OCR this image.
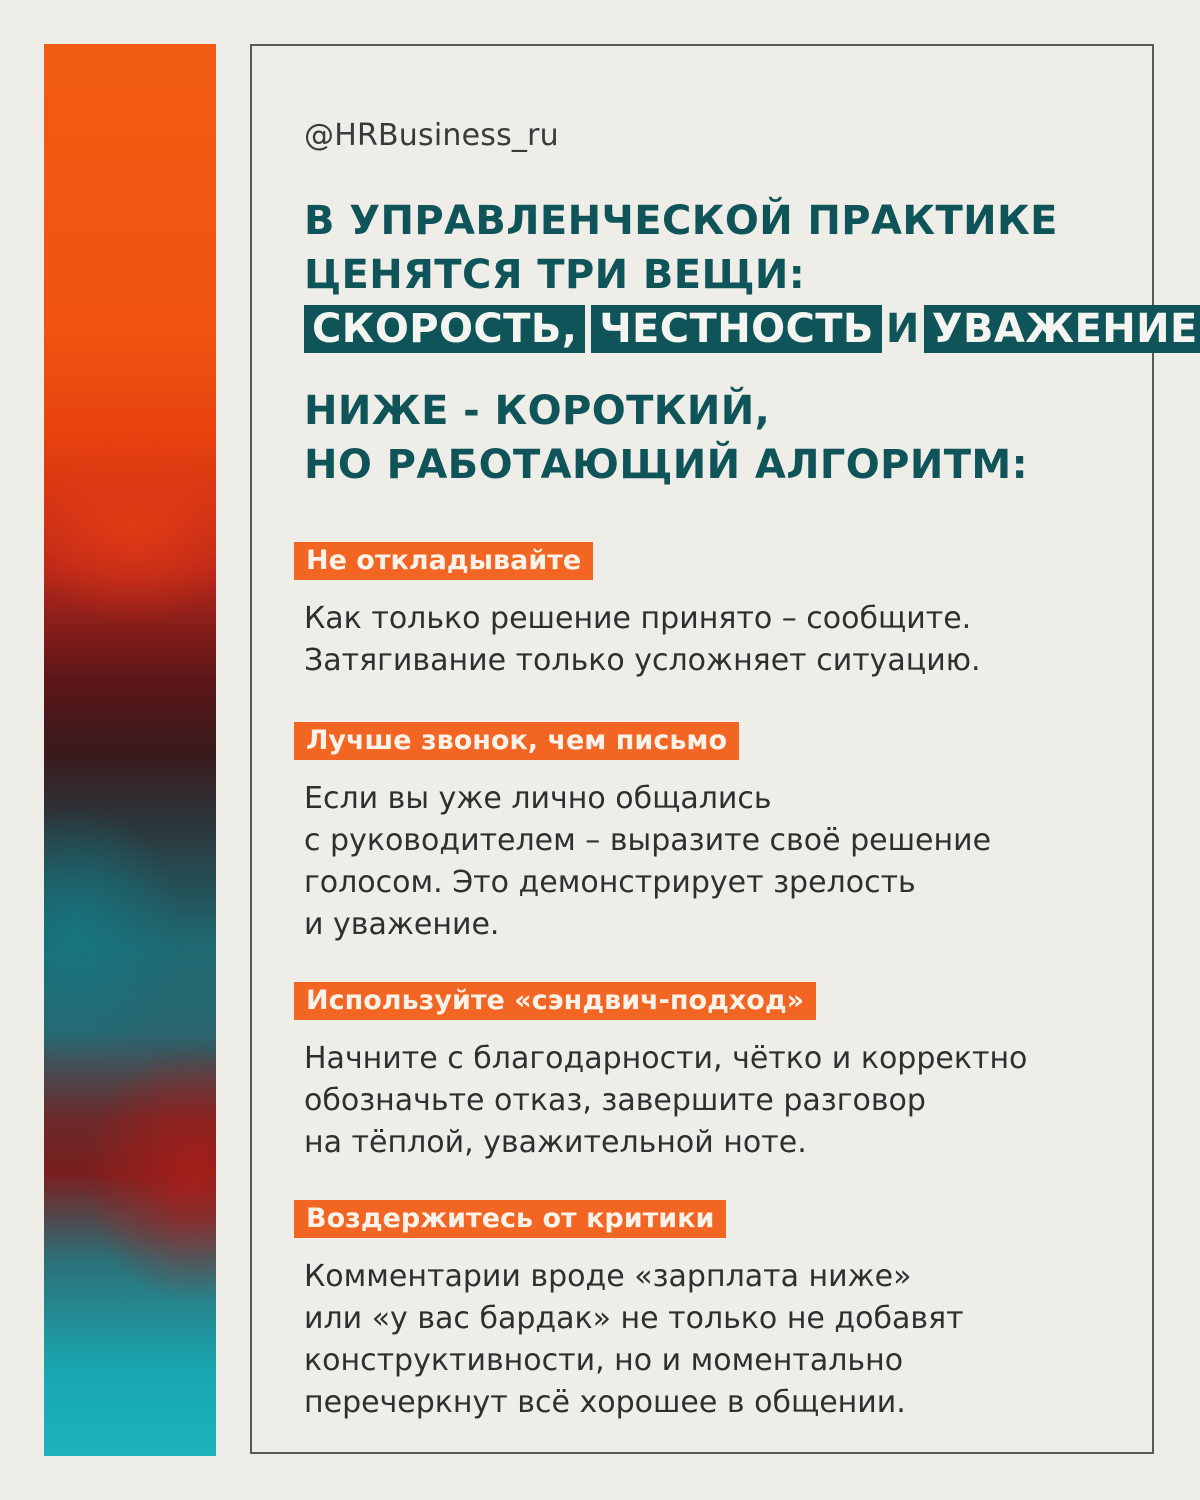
@HRBusiness_ru
В УПРАВЛЕНЧЕСКОЙ ПРАКТИКЕ
ЦЕНЯТСЯ ТРИ ВЕЩИ:
СКОРОСТЬ, ЧЕСТНОСТЬ И УВАЖЕНИЕ
НИЖЕ - КОРОТКИЙ,
НО РАБОТАЮЩИЙ АЛГОРИТМ:
Не откладывайте
Как только решение принято – сообщите.
Затягивание только усложняет ситуацию.
Лучше звонок, чем письмо
Если вы уже лично общались
с руководителем – выразите своё решение
голосом. Это демонстрирует зрелость
и уважение.
Используйте «сэндвич-подход»
Начните с благодарности, чётко и корректно
обозначьте отказ, завершите разговор
на тёплой, уважительной ноте.
Воздержитесь от критики
Комментарии вроде «зарплата ниже»
или «у вас бардак» не только не добавят
конструктивности, но и моментально
перечеркнут всё хорошее в общении.
